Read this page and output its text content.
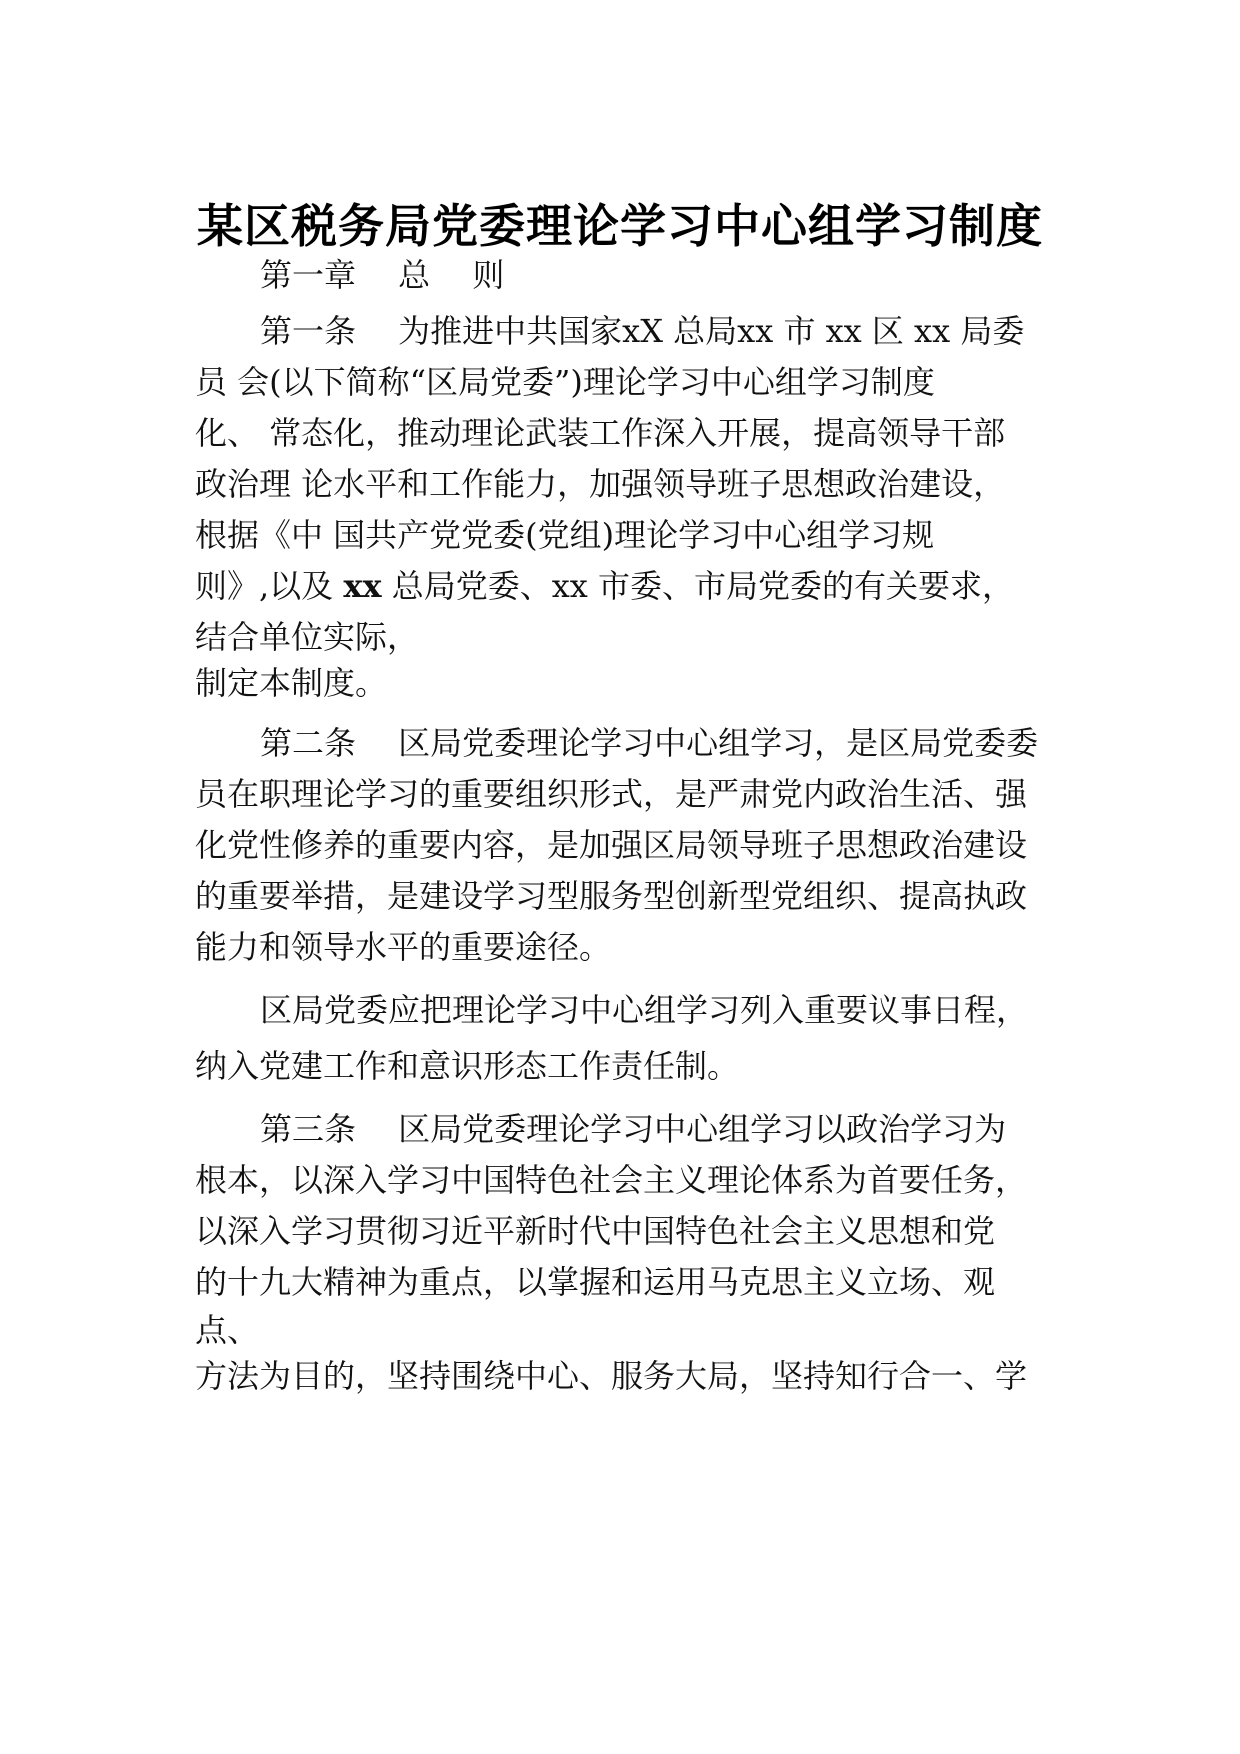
某区税务局党委理论学习中心组学习制度
第一章　 总　 则
第一条　 为推进中共国家xX 总局xx 市 xx 区 xx 局委
员 会(以下简称“区局党委”)理论学习中心组学习制度
化、 常态化，推动理论武装工作深入开展，提高领导干部
政治理 论水平和工作能力，加强领导班子思想政治建设，
根据《中 国共产党党委(党组)理论学习中心组学习规
则》,以及 xx 总局党委、xx 市委、市局党委的有关要求，
结合单位实际，
制定本制度。
第二条　 区局党委理论学习中心组学习，是区局党委委
员在职理论学习的重要组织形式，是严肃党内政治生活、强
化党性修养的重要内容，是加强区局领导班子思想政治建设
的重要举措，是建设学习型服务型创新型党组织、提高执政
能力和领导水平的重要途径。
区局党委应把理论学习中心组学习列入重要议事日程，
纳入党建工作和意识形态工作责任制。
第三条　 区局党委理论学习中心组学习以政治学习为
根本，以深入学习中国特色社会主义理论体系为首要任务，
以深入学习贯彻习近平新时代中国特色社会主义思想和党
的十九大精神为重点，以掌握和运用马克思主义立场、观
点、
方法为目的，坚持围绕中心、服务大局，坚持知行合一、学
